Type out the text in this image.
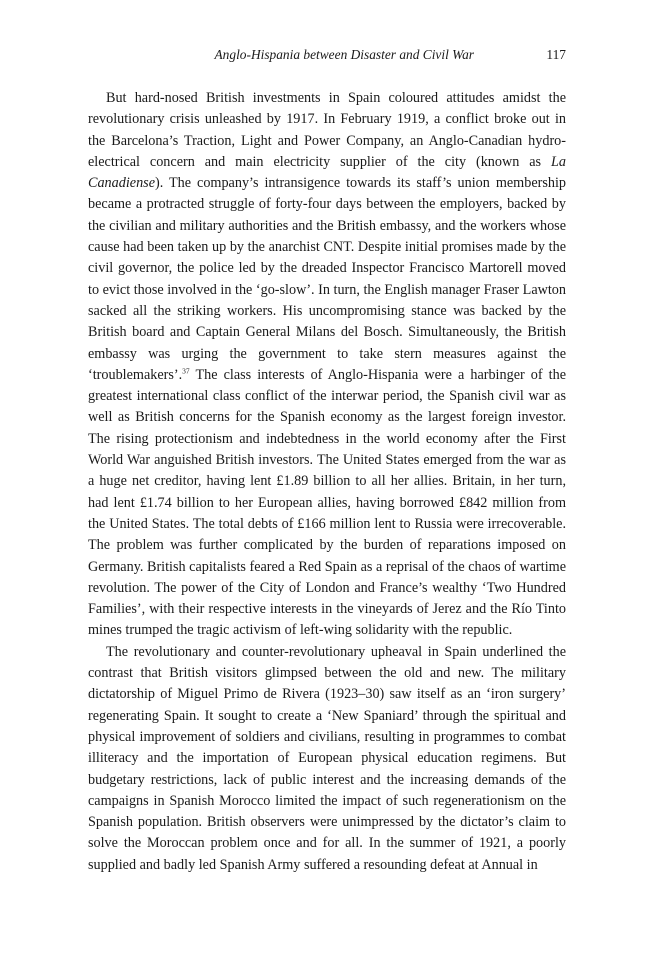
Anglo-Hispania between Disaster and Civil War	117

But hard-nosed British investments in Spain coloured attitudes amidst the revolutionary crisis unleashed by 1917. In February 1919, a conflict broke out in the Barcelona’s Traction, Light and Power Company, an Anglo-Canadian hydro-electrical concern and main electricity supplier of the city (known as La Canadiense). The company’s intransigence towards its staff’s union membership became a protracted struggle of forty-four days between the employers, backed by the civilian and military authorities and the British embassy, and the workers whose cause had been taken up by the anarchist CNT. Despite initial promises made by the civil governor, the police led by the dreaded Inspector Francisco Martorell moved to evict those involved in the ‘go-slow’. In turn, the English manager Fraser Lawton sacked all the striking workers. His uncompromising stance was backed by the British board and Captain General Milans del Bosch. Simultaneously, the British embassy was urging the government to take stern measures against the ‘troublemakers’.$^{37}$ The class interests of Anglo-Hispania were a harbinger of the greatest international class conflict of the interwar period, the Spanish civil war as well as British concerns for the Spanish economy as the largest foreign investor. The rising protectionism and indebtedness in the world economy after the First World War anguished British investors. The United States emerged from the war as a huge net creditor, having lent £1.89 billion to all her allies. Britain, in her turn, had lent £1.74 billion to her European allies, having borrowed £842 million from the United States. The total debts of £166 million lent to Russia were irrecoverable. The problem was further complicated by the burden of reparations imposed on Germany. British capitalists feared a Red Spain as a reprisal of the chaos of wartime revolution. The power of the City of London and France’s wealthy ‘Two Hundred Families’, with their respective interests in the vineyards of Jerez and the Río Tinto mines trumped the tragic activism of left-wing solidarity with the republic.

The revolutionary and counter-revolutionary upheaval in Spain underlined the contrast that British visitors glimpsed between the old and new. The military dictatorship of Miguel Primo de Rivera (1923–30) saw itself as an ‘iron surgery’ regenerating Spain. It sought to create a ‘New Spaniard’ through the spiritual and physical improvement of soldiers and civilians, resulting in programmes to combat illiteracy and the importation of European physical education regimens. But budgetary restrictions, lack of public interest and the increasing demands of the campaigns in Spanish Morocco limited the impact of such regenerationism on the Spanish population. British observers were unimpressed by the dictator’s claim to solve the Moroccan problem once and for all. In the summer of 1921, a poorly supplied and badly led Spanish Army suffered a resounding defeat at Annual in
